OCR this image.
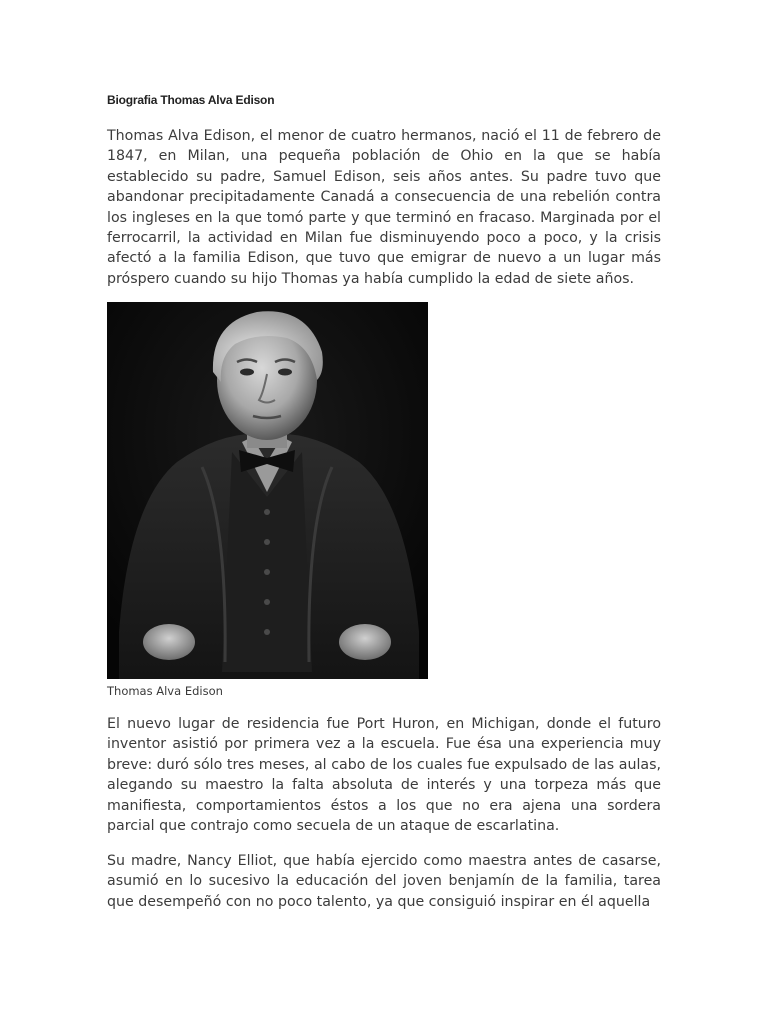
Biografia Thomas Alva Edison

Thomas Alva Edison, el menor de cuatro hermanos, nació el 11 de febrero de 1847, en Milan, una pequeña población de Ohio en la que se había establecido su padre, Samuel Edison, seis años antes. Su padre tuvo que abandonar precipitadamente Canadá a consecuencia de una rebelión contra los ingleses en la que tomó parte y que terminó en fracaso. Marginada por el ferrocarril, la actividad en Milan fue disminuyendo poco a poco, y la crisis afectó a la familia Edison, que tuvo que emigrar de nuevo a un lugar más próspero cuando su hijo Thomas ya había cumplido la edad de siete años.

Thomas Alva Edison

El nuevo lugar de residencia fue Port Huron, en Michigan, donde el futuro inventor asistió por primera vez a la escuela. Fue ésa una experiencia muy breve: duró sólo tres meses, al cabo de los cuales fue expulsado de las aulas, alegando su maestro la falta absoluta de interés y una torpeza más que manifiesta, comportamientos éstos a los que no era ajena una sordera parcial que contrajo como secuela de un ataque de escarlatina.

Su madre, Nancy Elliot, que había ejercido como maestra antes de casarse, asumió en lo sucesivo la educación del joven benjamín de la familia, tarea que desempeñó con no poco talento, ya que consiguió inspirar en él aquella
